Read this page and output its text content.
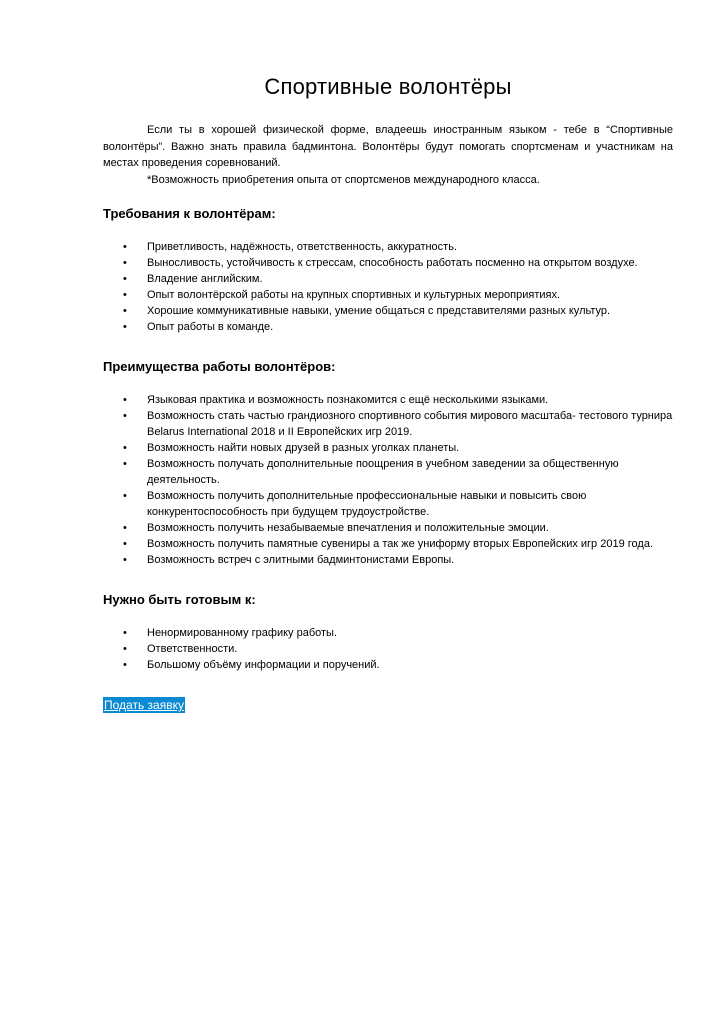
Спортивные волонтёры

Если ты в хорошей физической форме, владеешь иностранным языком - тебе в “Спортивные волонтёры”. Важно знать правила бадминтона. Волонтёры будут помогать спортсменам и участникам на местах проведения соревнований.

*Возможность приобретения опыта от спортсменов международного класса.

Требования к волонтёрам:
• Приветливость, надёжность, ответственность, аккуратность.
• Выносливость, устойчивость к стрессам, способность работать посменно на открытом воздухе.
• Владение английским.
• Опыт волонтёрской работы на крупных спортивных и культурных мероприятиях.
• Хорошие коммуникативные навыки, умение общаться с представителями разных культур.
• Опыт работы в команде.
Преимущества работы волонтёров:
• Языковая практика и возможность познакомится с ещё несколькими языками.
• Возможность стать частью грандиозного спортивного события мирового масштаба- тестового турнира Belarus International 2018 и II Европейских игр 2019.
• Возможность найти новых друзей в разных уголках планеты.
• Возможность получать дополнительные поощрения в учебном заведении за общественную деятельность.
• Возможность получить дополнительные профессиональные навыки и повысить свою конкурентоспособность при будущем трудоустройстве.
• Возможность получить незабываемые впечатления и положительные эмоции.
• Возможность получить памятные сувениры а так же униформу вторых Европейских игр 2019 года.
• Возможность встреч с элитными бадминтонистами Европы.
Нужно быть готовым к:
• Ненормированному графику работы.
• Ответственности.
• Большому объёму информации и поручений.
Подать заявку
